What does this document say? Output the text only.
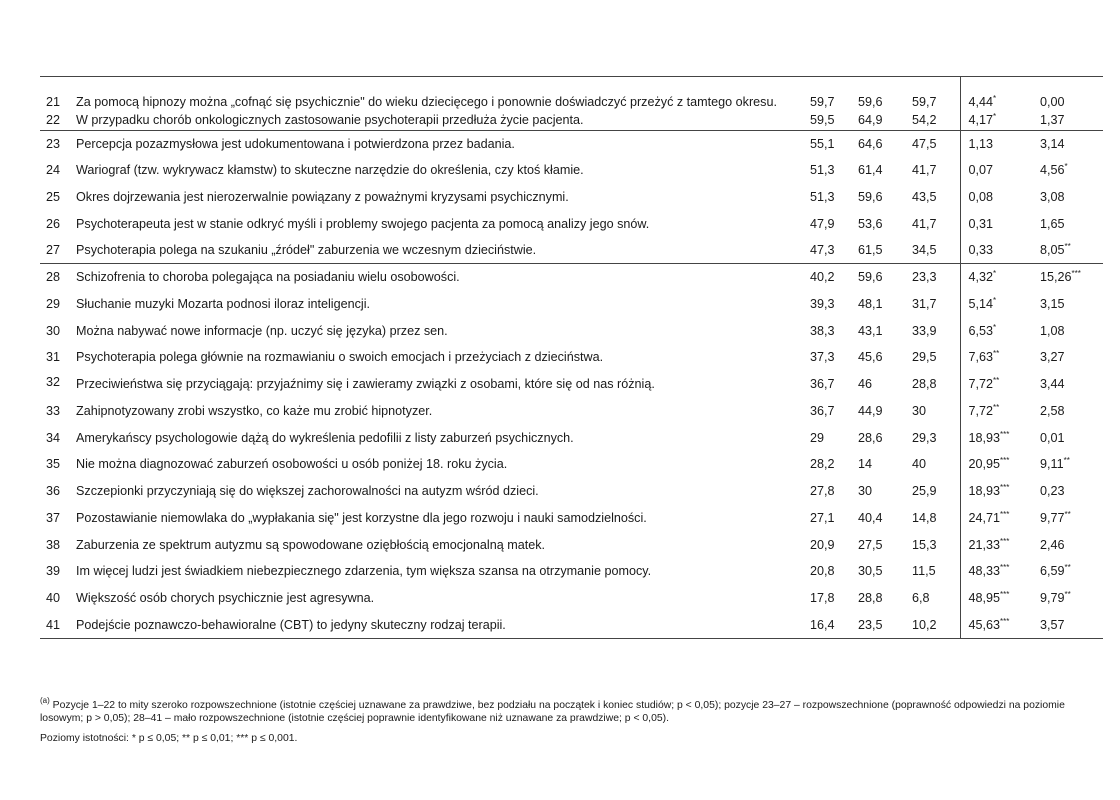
21	Za pomocą hipnozy można „cofnąć się psychicznie" do wieku dziecięcego i ponownie doświadczyć przeżyć z tamtego okresu.	59,7	59,6	59,7	4,44*	0,00
22	W przypadku chorób onkologicznych zastosowanie psychoterapii przedłuża życie pacjenta.	59,5	64,9	54,2	4,17*	1,37
23	Percepcja pozazmysłowa jest udokumentowana i potwierdzona przez badania.	55,1	64,6	47,5	1,13	3,14
24	Wariograf (tzw. wykrywacz kłamstw) to skuteczne narzędzie do określenia, czy ktoś kłamie.	51,3	61,4	41,7	0,07	4,56*
25	Okres dojrzewania jest nierozerwalnie powiązany z poważnymi kryzysami psychicznymi.	51,3	59,6	43,5	0,08	3,08
26	Psychoterapeuta jest w stanie odkryć myśli i problemy swojego pacjenta za pomocą analizy jego snów.	47,9	53,6	41,7	0,31	1,65
27	Psychoterapia polega na szukaniu „źródeł" zaburzenia we wczesnym dzieciństwie.	47,3	61,5	34,5	0,33	8,05**
28	Schizofrenia to choroba polegająca na posiadaniu wielu osobowości.	40,2	59,6	23,3	4,32*	15,26***
29	Słuchanie muzyki Mozarta podnosi iloraz inteligencji.	39,3	48,1	31,7	5,14*	3,15
30	Można nabywać nowe informacje (np. uczyć się języka) przez sen.	38,3	43,1	33,9	6,53*	1,08
31	Psychoterapia polega głównie na rozmawianiu o swoich emocjach i przeżyciach z dzieciństwa.	37,3	45,6	29,5	7,63**	3,27
32	Przeciwieństwa się przyciągają: przyjaźnimy się i zawieramy związki z osobami, które się od nas różnią.	36,7	46	28,8	7,72**	3,44
33	Zahipnotyzowany zrobi wszystko, co każe mu zrobić hipnotyzer.	36,7	44,9	30	7,72**	2,58
34	Amerykańscy psychologowie dążą do wykreślenia pedofilii z listy zaburzeń psychicznych.	29	28,6	29,3	18,93***	0,01
35	Nie można diagnozować zaburzeń osobowości u osób poniżej 18. roku życia.	28,2	14	40	20,95***	9,11**
36	Szczepionki przyczyniają się do większej zachorowalności na autyzm wśród dzieci.	27,8	30	25,9	18,93***	0,23
37	Pozostawianie niemowlaka do „wypłakania się" jest korzystne dla jego rozwoju i nauki samodzielności.	27,1	40,4	14,8	24,71***	9,77**
38	Zaburzenia ze spektrum autyzmu są spowodowane oziębłością emocjonalną matek.	20,9	27,5	15,3	21,33***	2,46
39	Im więcej ludzi jest świadkiem niebezpiecznego zdarzenia, tym większa szansa na otrzymanie pomocy.	20,8	30,5	11,5	48,33***	6,59**
40	Większość osób chorych psychicznie jest agresywna.	17,8	28,8	6,8	48,95***	9,79**
41	Podejście poznawczo-behawioralne (CBT) to jedyny skuteczny rodzaj terapii.	16,4	23,5	10,2	45,63***	3,57

$^{(a)}$ Pozycje 1–22 to mity szeroko rozpowszechnione (istotnie częściej uznawane za prawdziwe, bez podziału na początek i koniec studiów; p < 0,05); pozycje 23–27 – rozpowszechnione (poprawność odpowiedzi na poziomie losowym; p > 0,05); 28–41 – mało rozpowszechnione (istotnie częściej poprawnie identyfikowane niż uznawane za prawdziwe; p < 0,05).

Poziomy istotności: * p ≤ 0,05; ** p ≤ 0,01; *** p ≤ 0,001.
